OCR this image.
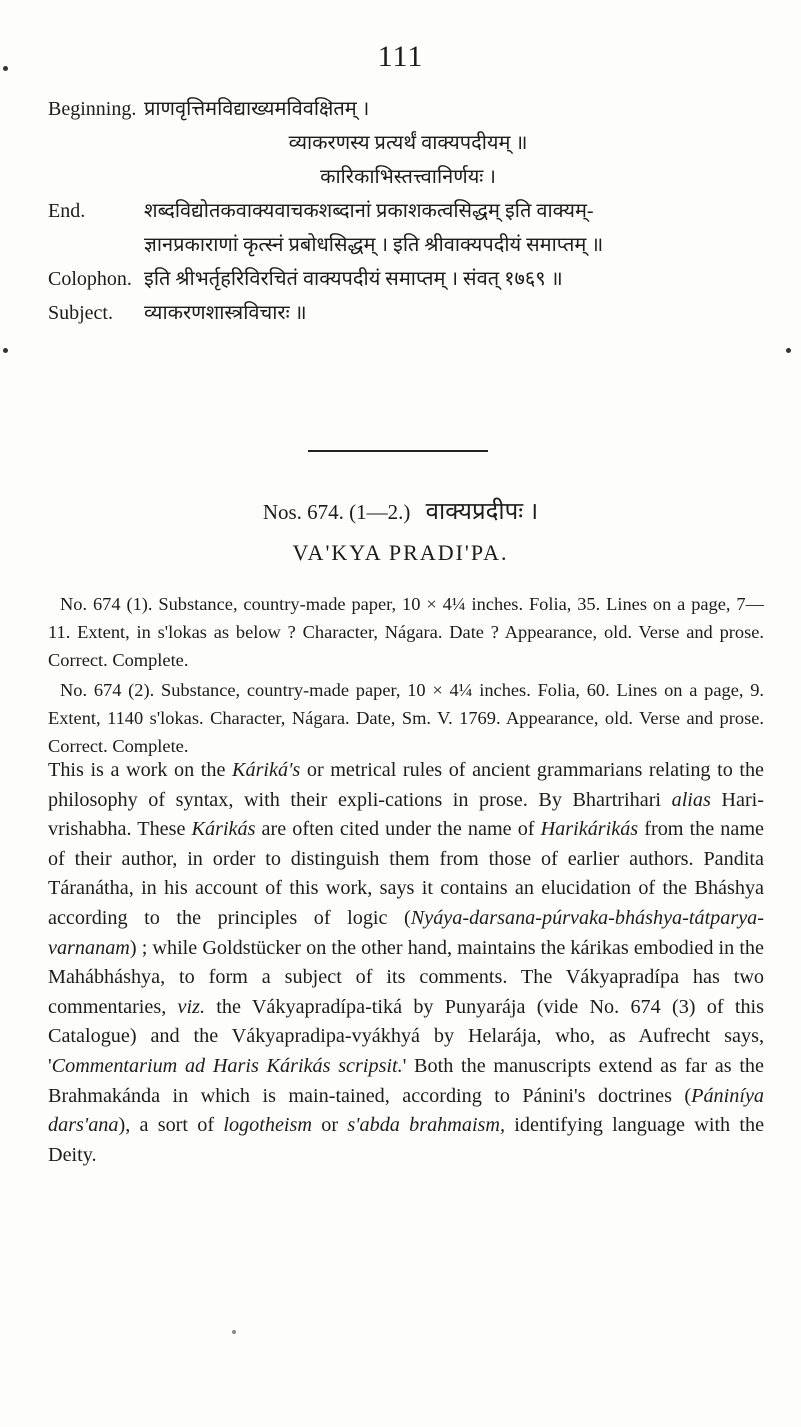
111
Beginning. प्राणवृत्तिमविद्याख्यमविवक्षितम् ।
व्याकरणस्य प्रत्यर्थं वाक्यपदीयम् ॥
कारिकाभिस्तत्त्वानिर्णयः ।
End.	शब्दविद्योतकवाक्यवाचकशब्दानां प्रकाशकत्वसिद्धम् इति वाक्यम्-
ज्ञानप्रकाराणां कृत्स्नं प्रबोधसिद्धम् । इति श्रीवाक्यपदीयं समाप्तम् ॥
Colophon. इति श्रीभर्तृहरिविरचितं वाक्यपदीयं समाप्तम् । संवत् १७६९ ॥
Subject.	व्याकरणशास्त्रविचारः ॥
Nos. 674. (1—2.) वाक्यप्रदीपः ।
VA'KYA PRADI'PA.

No. 674 (1). Substance, country-made paper, 10 × 4¼ inches. Folia, 35. Lines on a page, 7—11. Extent, in s'lokas as below ? Character, Nágara. Date ? Appearance, old. Verse and prose. Correct. Complete.

No. 674 (2). Substance, country-made paper, 10 × 4¼ inches. Folia, 60. Lines on a page, 9. Extent, 1140 s'lokas. Character, Nágara. Date, Sm. V. 1769. Appearance, old. Verse and prose. Correct. Complete.

This is a work on the Káriká's or metrical rules of ancient grammarians relating to the philosophy of syntax, with their expli-cations in prose. By Bhartrihari alias Hari-vrishabha. These Kárikás are often cited under the name of Harikárikás from the name of their author, in order to distinguish them from those of earlier authors. Pandita Táranátha, in his account of this work, says it contains an elucidation of the Bháshya according to the principles of logic (Nyáya-darsana-púrvaka-bháshya-tátparya-varnanam) ; while Goldstücker on the other hand, maintains the kárikas embodied in the Mahábháshya, to form a subject of its comments. The Vákyapradípa has two commentaries, viz. the Vákyapradípa-tiká by Punyarája (vide No. 674 (3) of this Catalogue) and the Vákyapradipa-vyákhyá by Helarája, who, as Aufrecht says, 'Commentarium ad Haris Kárikás scripsit.' Both the manuscripts extend as far as the Brahmakánda in which is main-tained, according to Pánini's doctrines (Pániníya dars'ana), a sort of logotheism or s'abda brahmaism, identifying language with the Deity.
